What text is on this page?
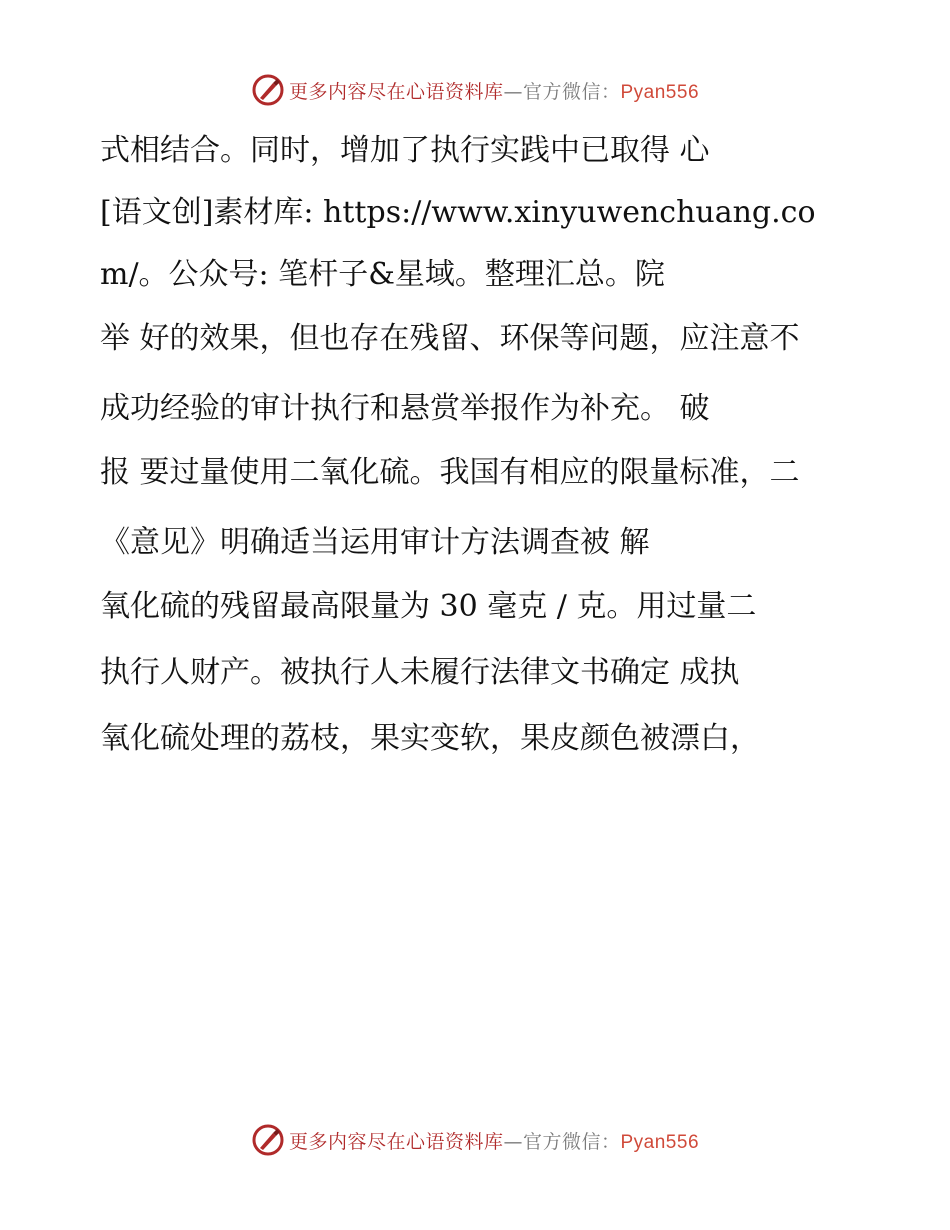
更多内容尽在心语资料库—官方微信：Pyan556

式相结合。同时，增加了执行实践中已取得 心

[语文创]素材库: https://www.xinyuwenchuang.com/。公众号: 笔杆子&星域。整理汇总。院

举 好的效果，但也存在残留、环保等问题，应注意不

成功经验的审计执行和悬赏举报作为补充。 破

报 要过量使用二氧化硫。我国有相应的限量标准，二

《意见》明确适当运用审计方法调查被 解

氧化硫的残留最高限量为 30 毫克 / 克。用过量二

执行人财产。被执行人未履行法律文书确定 成执

氧化硫处理的荔枝，果实变软，果皮颜色被漂白，

更多内容尽在心语资料库—官方微信：Pyan556
